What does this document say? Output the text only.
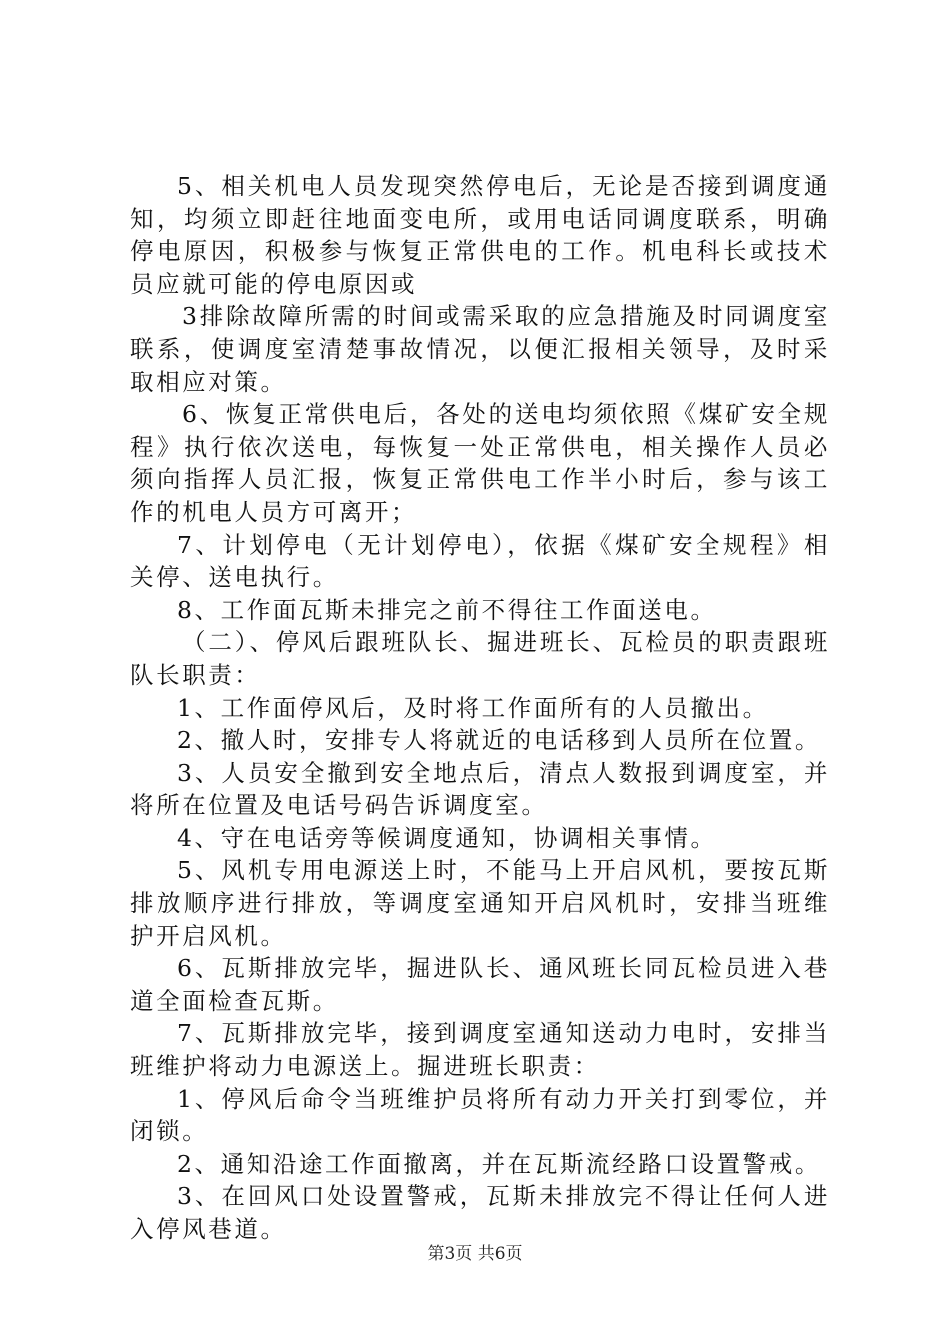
5、相关机电人员发现突然停电后，无论是否接到调度通知，均须立即赶往地面变电所，或用电话同调度联系，明确停电原因，积极参与恢复正常供电的工作。机电科长或技术员应就可能的停电原因或

3排除故障所需的时间或需采取的应急措施及时同调度室联系，使调度室清楚事故情况，以便汇报相关领导，及时采取相应对策。

6、恢复正常供电后，各处的送电均须依照《煤矿安全规程》执行依次送电，每恢复一处正常供电，相关操作人员必须向指挥人员汇报，恢复正常供电工作半小时后，参与该工作的机电人员方可离开；

7、计划停电（无计划停电），依据《煤矿安全规程》相关停、送电执行。

8、工作面瓦斯未排完之前不得往工作面送电。

（二）、停风后跟班队长、掘进班长、瓦检员的职责跟班队长职责：

1、工作面停风后，及时将工作面所有的人员撤出。

2、撤人时，安排专人将就近的电话移到人员所在位置。

3、人员安全撤到安全地点后，清点人数报到调度室，并将所在位置及电话号码告诉调度室。

4、守在电话旁等候调度通知，协调相关事情。

5、风机专用电源送上时，不能马上开启风机，要按瓦斯排放顺序进行排放，等调度室通知开启风机时，安排当班维护开启风机。

6、瓦斯排放完毕，掘进队长、通风班长同瓦检员进入巷道全面检查瓦斯。

7、瓦斯排放完毕，接到调度室通知送动力电时，安排当班维护将动力电源送上。掘进班长职责：

1、停风后命令当班维护员将所有动力开关打到零位，并闭锁。

2、通知沿途工作面撤离，并在瓦斯流经路口设置警戒。

3、在回风口处设置警戒，瓦斯未排放完不得让任何人进入停风巷道。

第3页 共6页
